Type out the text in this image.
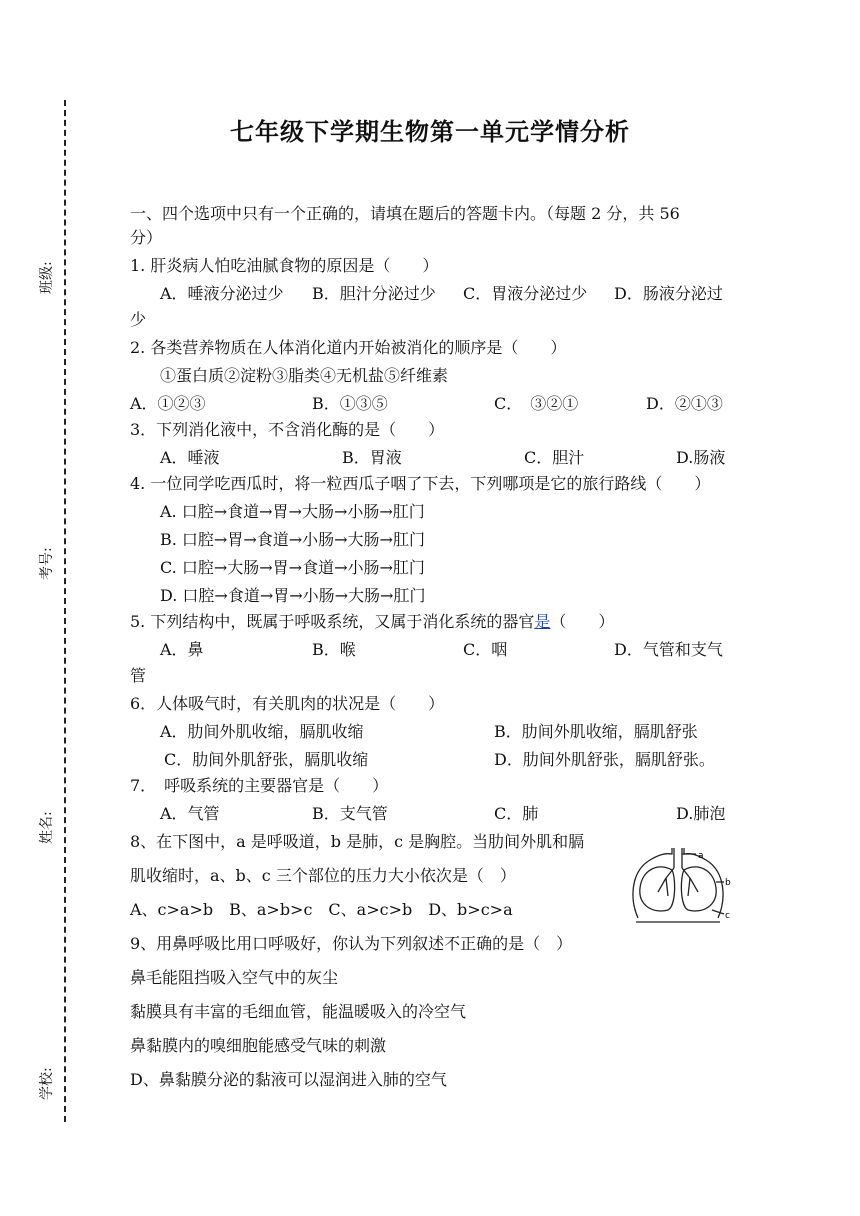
班级:
考号:
姓名:
学校:
七年级下学期生物第一单元学情分析
一、四个选项中只有一个正确的，请填在题后的答题卡内。（每题 2 分，共 56
分）
1. 肝炎病人怕吃油腻食物的原因是（　　）
A．唾液分泌过少 B．胆汁分泌过少 C．胃液分泌过少 D．肠液分泌过
少
2. 各类营养物质在人体消化道内开始被消化的顺序是（　　）
①蛋白质②淀粉③脂类④无机盐⑤纤维素
A．①②③	B．①③⑤	C．　③②①	D．②①③
3．下列消化液中，不含消化酶的是（　　）
A．唾液	B．胃液	C．胆汁	D.肠液
4. 一位同学吃西瓜时，将一粒西瓜子咽了下去，下列哪项是它的旅行路线（　　）
A. 口腔→食道→胃→大肠→小肠→肛门
B. 口腔→胃→食道→小肠→大肠→肛门
C. 口腔→大肠→胃→食道→小肠→肛门
D. 口腔→食道→胃→小肠→大肠→肛门
5. 下列结构中，既属于呼吸系统，又属于消化系统的器官是（　　）
A．鼻	B．喉	C．咽	D．气管和支气
管
6．人体吸气时，有关肌肉的状况是（　　）
A．肋间外肌收缩，膈肌收缩	B．肋间外肌收缩，膈肌舒张
C．肋间外肌舒张，膈肌收缩	D．肋间外肌舒张，膈肌舒张。
7．　呼吸系统的主要器官是（　　）
A．气管	B．支气管	C．肺	D.肺泡
8、在下图中，a 是呼吸道，b 是肺，c 是胸腔。当肋间外肌和膈
肌收缩时，a、b、c 三个部位的压力大小依次是（　）
A、c>a>b　B、a>b>c　C、a>c>b　D、b>c>a
a
b
c
9、用鼻呼吸比用口呼吸好，你认为下列叙述不正确的是（　）
鼻毛能阻挡吸入空气中的灰尘
黏膜具有丰富的毛细血管，能温暖吸入的冷空气
鼻黏膜内的嗅细胞能感受气味的刺激
D、鼻黏膜分泌的黏液可以湿润进入肺的空气
